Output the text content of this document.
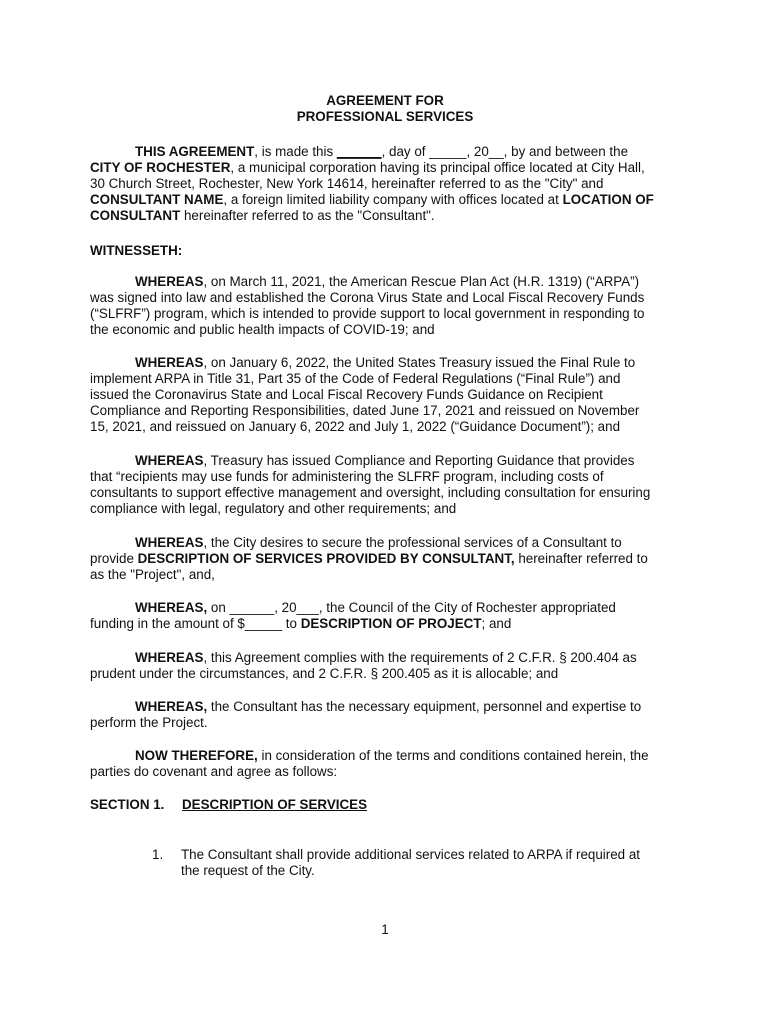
AGREEMENT FOR
PROFESSIONAL SERVICES
THIS AGREEMENT, is made this ______, day of _____, 20__, by and between the
CITY OF ROCHESTER, a municipal corporation having its principal office located at City Hall,
30 Church Street, Rochester, New York 14614, hereinafter referred to as the "City" and
CONSULTANT NAME, a foreign limited liability company with offices located at LOCATION OF
CONSULTANT hereinafter referred to as the "Consultant".
WITNESSETH:
WHEREAS, on March 11, 2021, the American Rescue Plan Act (H.R. 1319) (“ARPA”)
was signed into law and established the Corona Virus State and Local Fiscal Recovery Funds
(“SLFRF”) program, which is intended to provide support to local government in responding to
the economic and public health impacts of COVID-19; and
WHEREAS, on January 6, 2022, the United States Treasury issued the Final Rule to
implement ARPA in Title 31, Part 35 of the Code of Federal Regulations (“Final Rule”) and
issued the Coronavirus State and Local Fiscal Recovery Funds Guidance on Recipient
Compliance and Reporting Responsibilities, dated June 17, 2021 and reissued on November
15, 2021, and reissued on January 6, 2022 and July 1, 2022 (“Guidance Document”); and
WHEREAS, Treasury has issued Compliance and Reporting Guidance that provides
that “recipients may use funds for administering the SLFRF program, including costs of
consultants to support effective management and oversight, including consultation for ensuring
compliance with legal, regulatory and other requirements; and
WHEREAS, the City desires to secure the professional services of a Consultant to
provide DESCRIPTION OF SERVICES PROVIDED BY CONSULTANT, hereinafter referred to
as the "Project", and,
WHEREAS, on ______, 20___, the Council of the City of Rochester appropriated
funding in the amount of $_____ to DESCRIPTION OF PROJECT; and
WHEREAS, this Agreement complies with the requirements of 2 C.F.R. § 200.404 as
prudent under the circumstances, and 2 C.F.R. § 200.405 as it is allocable; and
WHEREAS, the Consultant has the necessary equipment, personnel and expertise to
perform the Project.
NOW THEREFORE, in consideration of the terms and conditions contained herein, the
parties do covenant and agree as follows:
SECTION 1. DESCRIPTION OF SERVICES
1. The Consultant shall provide additional services related to ARPA if required at
the request of the City.
1
